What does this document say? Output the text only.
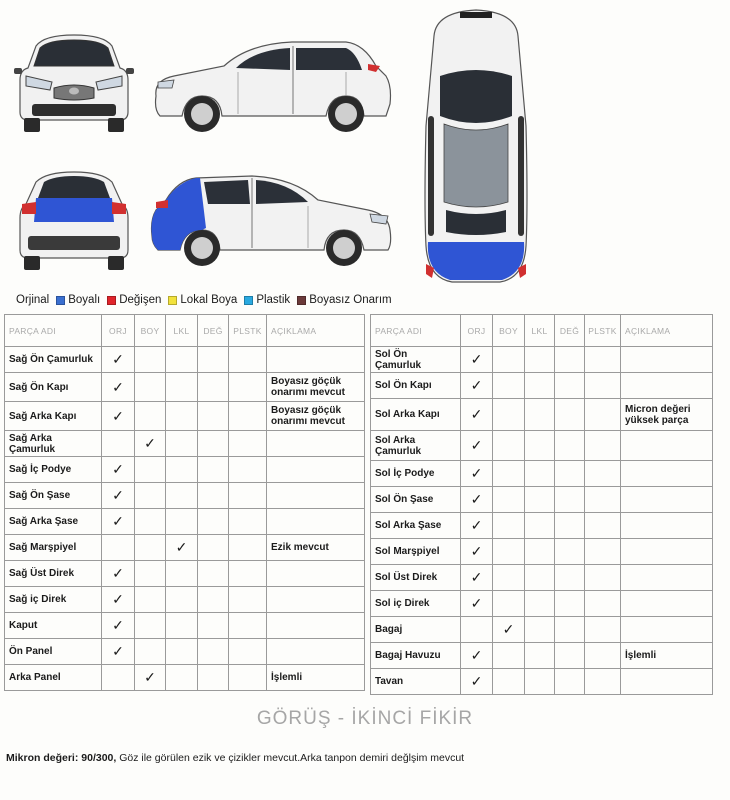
Orjinal Boyalı Değişen Lokal Boya Plastik Boyasız Onarım
PARÇA ADI	ORJ	BOY	LKL	DEĞ	PLSTK	AÇIKLAMA
Sağ Ön Çamurluk	✓					
Sağ Ön Kapı	✓					Boyasız göçük onarımı mevcut
Sağ Arka Kapı	✓					Boyasız göçük onarımı mevcut
Sağ Arka Çamurluk		✓				
Sağ İç Podye	✓					
Sağ Ön Şase	✓					
Sağ Arka Şase	✓					
Sağ Marşpiyel			✓			Ezik mevcut
Sağ Üst Direk	✓					
Sağ iç Direk	✓					
Kaput	✓					
Ön Panel	✓					
Arka Panel		✓				İşlemli
PARÇA ADI	ORJ	BOY	LKL	DEĞ	PLSTK	AÇIKLAMA
Sol Ön Çamurluk	✓					
Sol Ön Kapı	✓					
Sol Arka Kapı	✓					Micron değeri yüksek parça
Sol Arka Çamurluk	✓					
Sol İç Podye	✓					
Sol Ön Şase	✓					
Sol Arka Şase	✓					
Sol Marşpiyel	✓					
Sol Üst Direk	✓					
Sol iç Direk	✓					
Bagaj		✓				
Bagaj Havuzu	✓					İşlemli
Tavan	✓					
GÖRÜŞ - İKİNCİ FİKİR
Mikron değeri: 90/300, Göz ile görülen ezik ve çizikler mevcut.Arka tanpon demiri değlşim mevcut
